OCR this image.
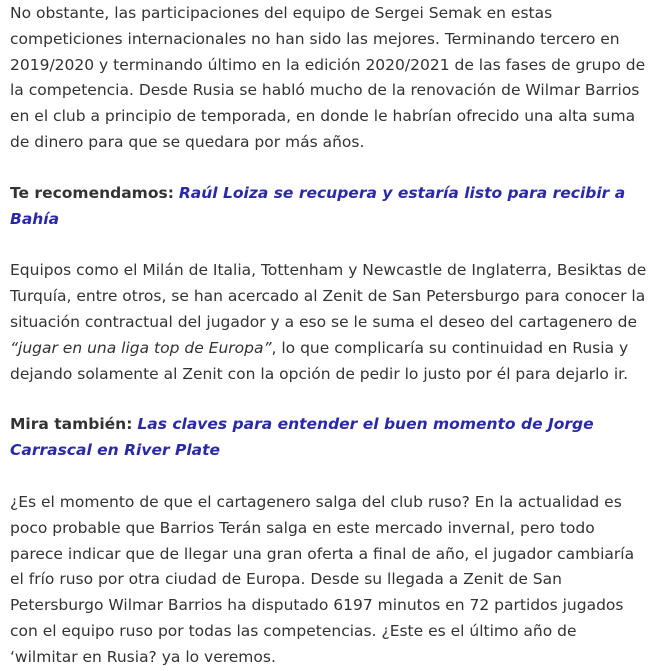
No obstante, las participaciones del equipo de Sergei Semak en estas competiciones internacionales no han sido las mejores. Terminando tercero en 2019/2020 y terminando último en la edición 2020/2021 de las fases de grupo de la competencia. Desde Rusia se habló mucho de la renovación de Wilmar Barrios en el club a principio de temporada, en donde le habrían ofrecido una alta suma de dinero para que se quedara por más años.

Te recomendamos: Raúl Loiza se recupera y estaría listo para recibir a Bahía

Equipos como el Milán de Italia, Tottenham y Newcastle de Inglaterra, Besiktas de Turquía, entre otros, se han acercado al Zenit de San Petersburgo para conocer la situación contractual del jugador y a eso se le suma el deseo del cartagenero de “jugar en una liga top de Europa”, lo que complicaría su continuidad en Rusia y dejando solamente al Zenit con la opción de pedir lo justo por él para dejarlo ir.

Mira también: Las claves para entender el buen momento de Jorge Carrascal en River Plate

¿Es el momento de que el cartagenero salga del club ruso? En la actualidad es poco probable que Barrios Terán salga en este mercado invernal, pero todo parece indicar que de llegar una gran oferta a final de año, el jugador cambiaría el frío ruso por otra ciudad de Europa. Desde su llegada a Zenit de San Petersburgo Wilmar Barrios ha disputado 6197 minutos en 72 partidos jugados con el equipo ruso por todas las competencias. ¿Este es el último año de ‘wilmitar en Rusia? ya lo veremos.
